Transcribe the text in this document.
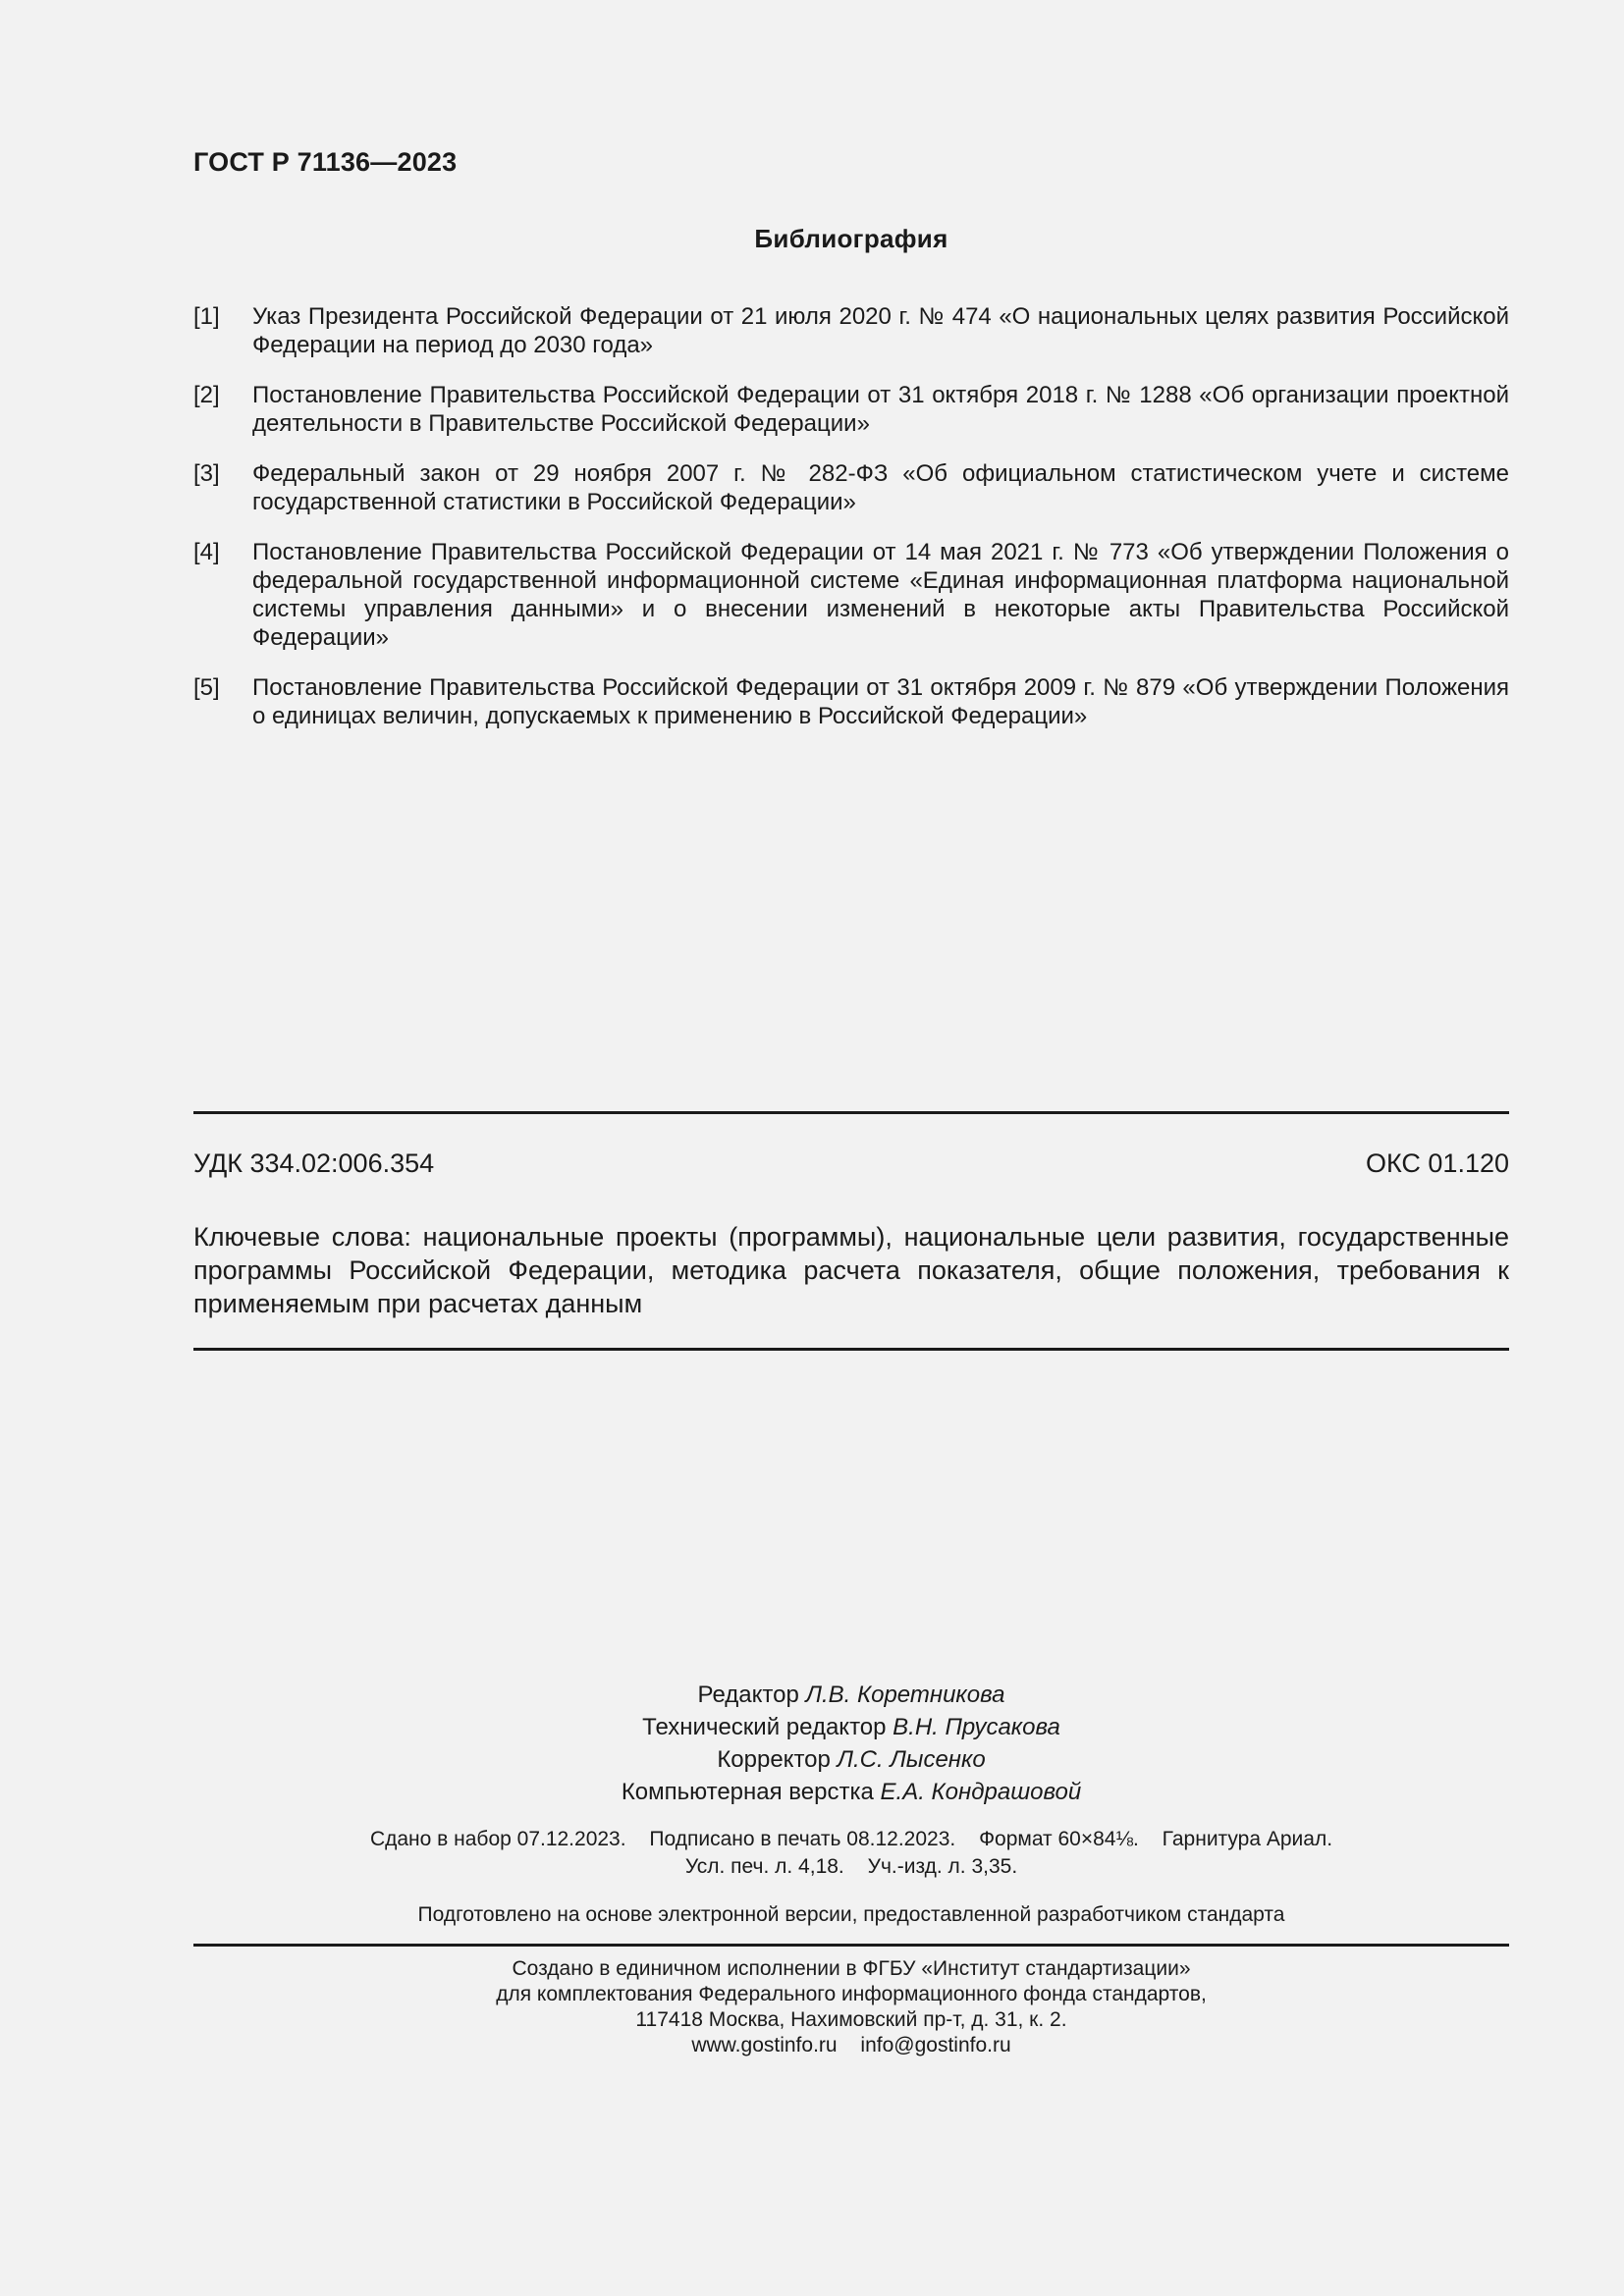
ГОСТ Р 71136—2023
Библиография
[1]	Указ Президента Российской Федерации от 21 июля 2020 г. № 474 «О национальных целях развития Российской Федерации на период до 2030 года»
[2]	Постановление Правительства Российской Федерации от 31 октября 2018 г. № 1288 «Об организации проектной деятельности в Правительстве Российской Федерации»
[3]	Федеральный закон от 29 ноября 2007 г. № 282-ФЗ «Об официальном статистическом учете и системе государственной статистики в Российской Федерации»
[4]	Постановление Правительства Российской Федерации от 14 мая 2021 г. № 773 «Об утверждении Положения о федеральной государственной информационной системе «Единая информационная платформа национальной системы управления данными» и о внесении изменений в некоторые акты Правительства Российской Федерации»
[5]	Постановление Правительства Российской Федерации от 31 октября 2009 г. № 879 «Об утверждении Положения о единицах величин, допускаемых к применению в Российской Федерации»
УДК 334.02:006.354	ОКС 01.120
Ключевые слова: национальные проекты (программы), национальные цели развития, государственные программы Российской Федерации, методика расчета показателя, общие положения, требования к применяемым при расчетах данным
Редактор Л.В. Коретникова
Технический редактор В.Н. Прусакова
Корректор Л.С. Лысенко
Компьютерная верстка Е.А. Кондрашовой
Сдано в набор 07.12.2023. Подписано в печать 08.12.2023. Формат 60×84⅛. Гарнитура Ариал.
Усл. печ. л. 4,18. Уч.-изд. л. 3,35.
Подготовлено на основе электронной версии, предоставленной разработчиком стандарта
Создано в единичном исполнении в ФГБУ «Институт стандартизации»
для комплектования Федерального информационного фонда стандартов,
117418 Москва, Нахимовский пр-т, д. 31, к. 2.
www.gostinfo.ru info@gostinfo.ru
